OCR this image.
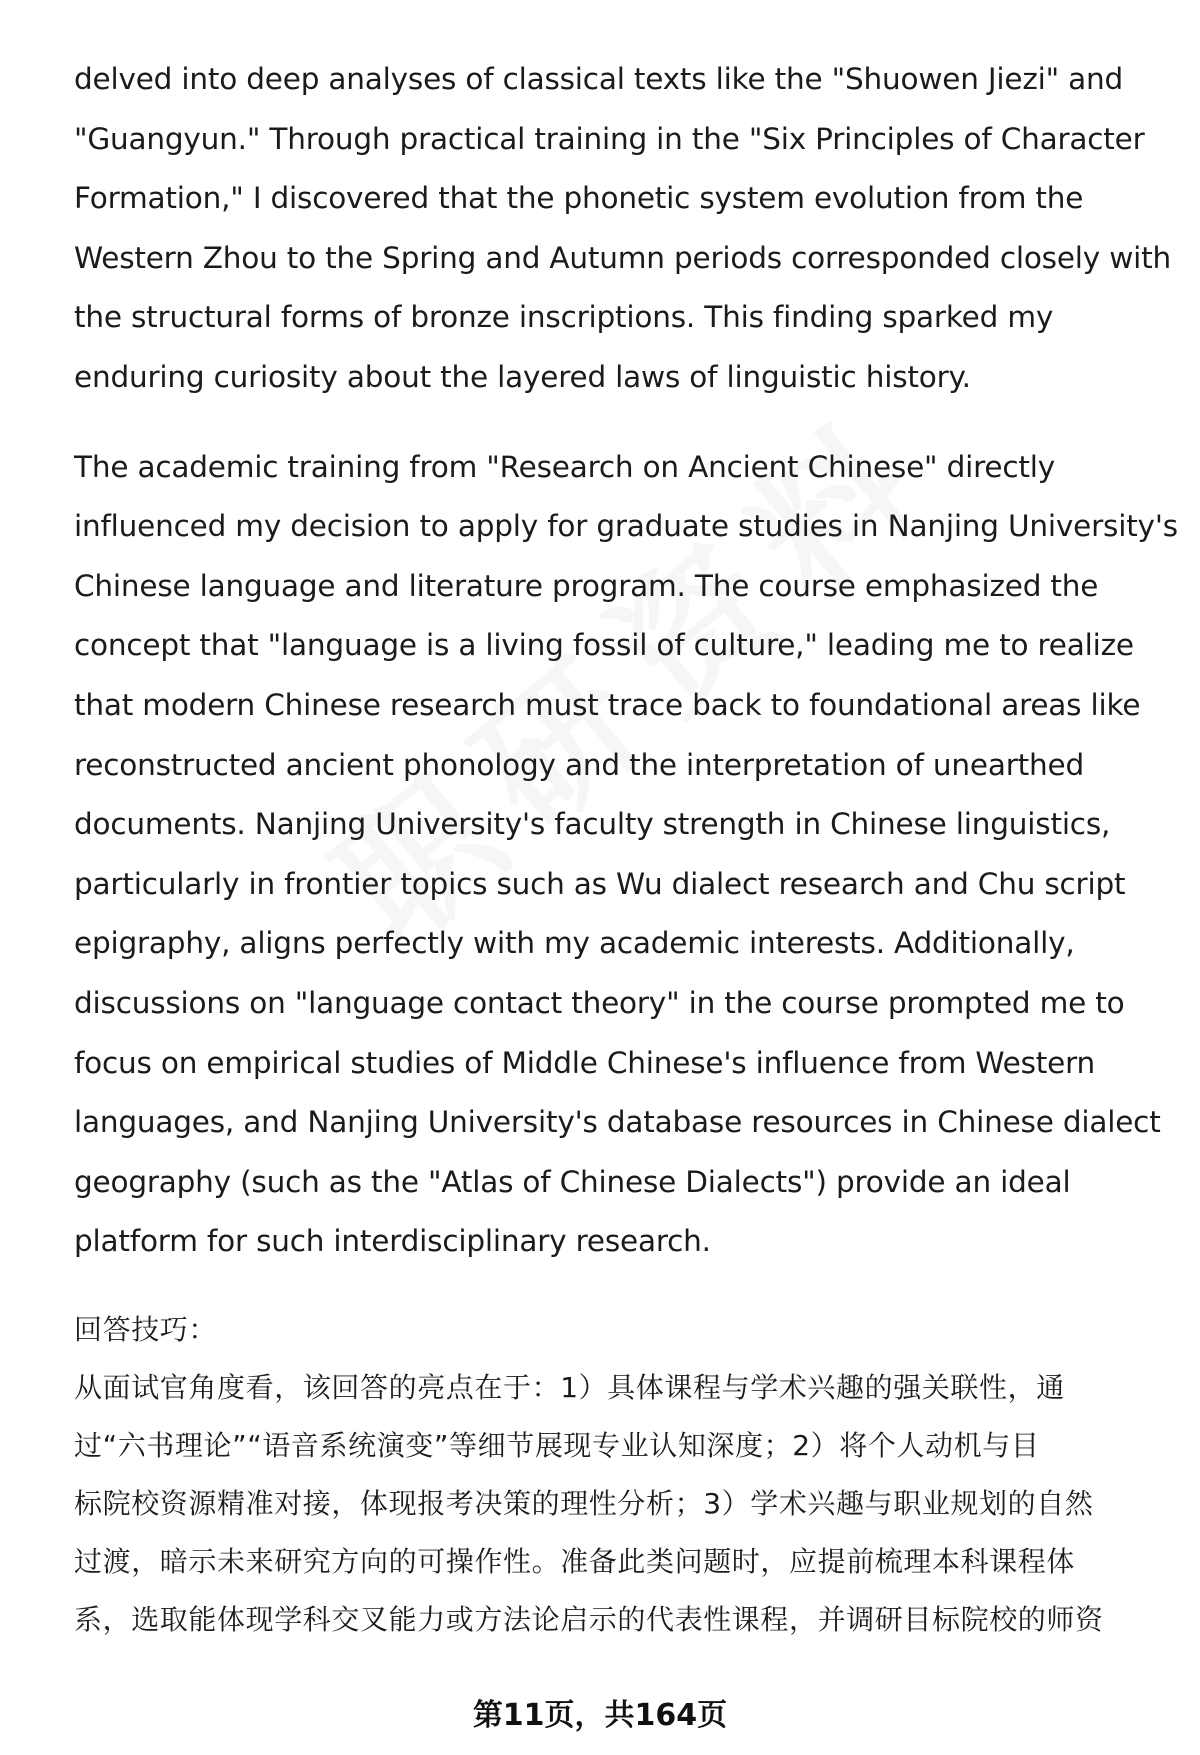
delved into deep analyses of classical texts like the "Shuowen Jiezi" and
"Guangyun." Through practical training in the "Six Principles of Character
Formation," I discovered that the phonetic system evolution from the
Western Zhou to the Spring and Autumn periods corresponded closely with
the structural forms of bronze inscriptions. This finding sparked my
enduring curiosity about the layered laws of linguistic history.
The academic training from "Research on Ancient Chinese" directly
influenced my decision to apply for graduate studies in Nanjing University's
Chinese language and literature program. The course emphasized the
concept that "language is a living fossil of culture," leading me to realize
that modern Chinese research must trace back to foundational areas like
reconstructed ancient phonology and the interpretation of unearthed
documents. Nanjing University's faculty strength in Chinese linguistics,
particularly in frontier topics such as Wu dialect research and Chu script
epigraphy, aligns perfectly with my academic interests. Additionally,
discussions on "language contact theory" in the course prompted me to
focus on empirical studies of Middle Chinese's influence from Western
languages, and Nanjing University's database resources in Chinese dialect
geography (such as the "Atlas of Chinese Dialects") provide an ideal
platform for such interdisciplinary research.
回答技巧：
从面试官角度看，该回答的亮点在于：1）具体课程与学术兴趣的强关联性，通
过“六书理论”“语音系统演变”等细节展现专业认知深度；2）将个人动机与目
标院校资源精准对接，体现报考决策的理性分析；3）学术兴趣与职业规划的自然
过渡，暗示未来研究方向的可操作性。准备此类问题时，应提前梳理本科课程体
系，选取能体现学科交叉能力或方法论启示的代表性课程，并调研目标院校的师资
第11页，共164页
